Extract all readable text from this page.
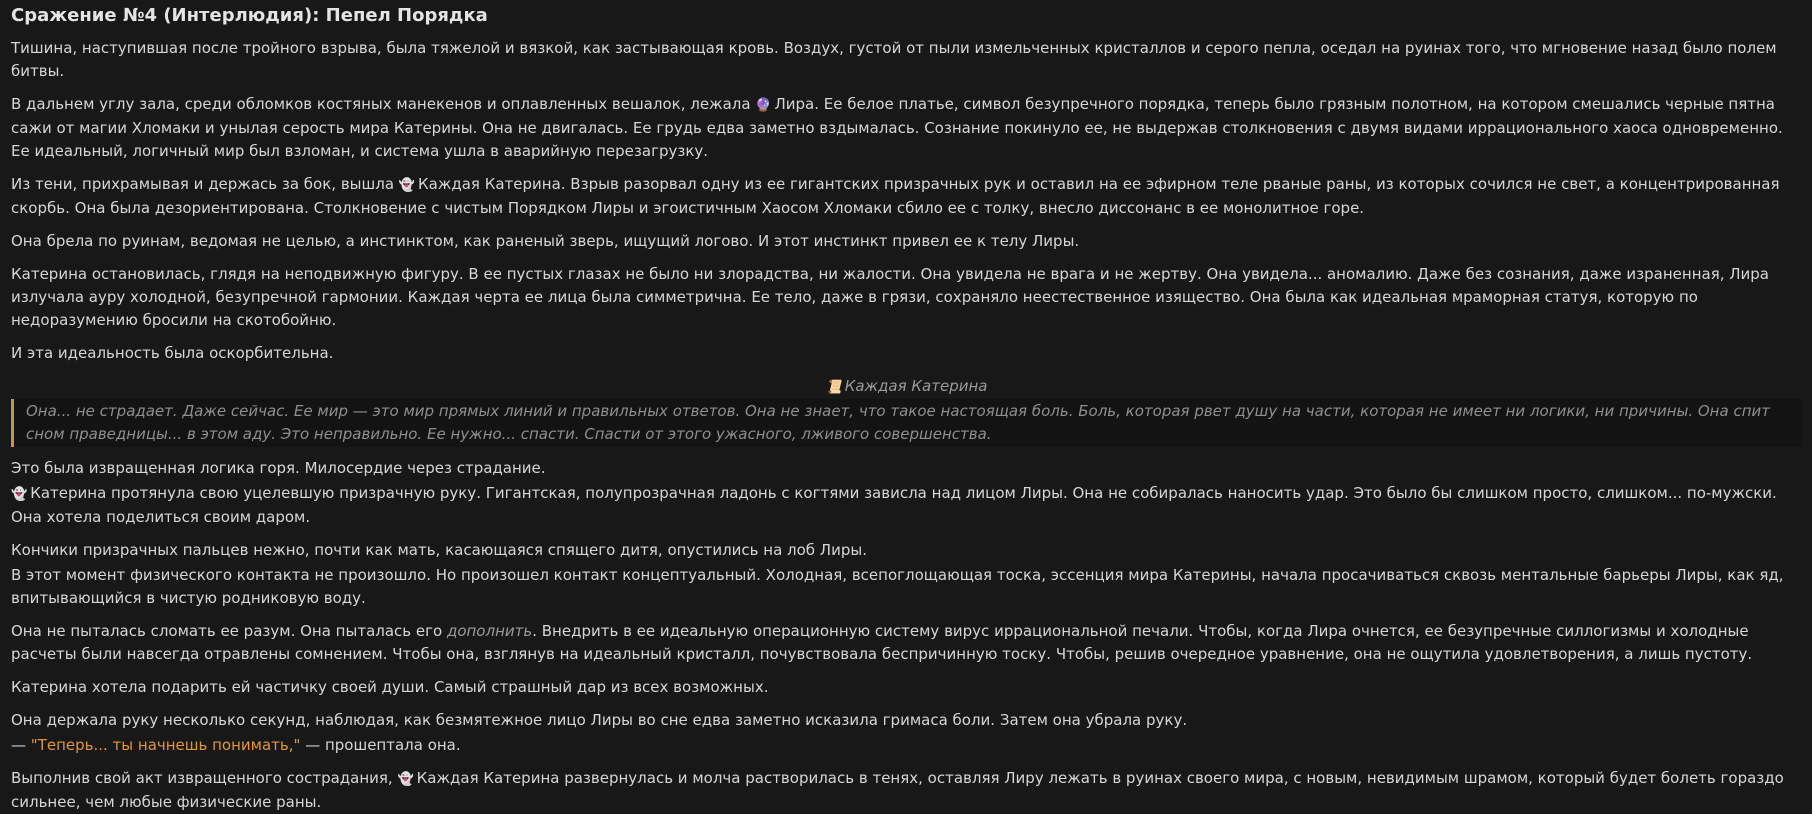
Сражение №4 (Интерлюдия): Пепел Порядка

Тишина, наступившая после тройного взрыва, была тяжелой и вязкой, как застывающая кровь. Воздух, густой от пыли измельченных кристаллов и серого пепла, оседал на руинах того, что мгновение назад было полем битвы.

В дальнем углу зала, среди обломков костяных манекенов и оплавленных вешалок, лежала 🔮 Лира. Ее белое платье, символ безупречного порядка, теперь было грязным полотном, на котором смешались черные пятна сажи от магии Хломаки и унылая серость мира Катерины. Она не двигалась. Ее грудь едва заметно вздымалась. Сознание покинуло ее, не выдержав столкновения с двумя видами иррационального хаоса одновременно. Ее идеальный, логичный мир был взломан, и система ушла в аварийную перезагрузку.

Из тени, прихрамывая и держась за бок, вышла 👻 Каждая Катерина. Взрыв разорвал одну из ее гигантских призрачных рук и оставил на ее эфирном теле рваные раны, из которых сочился не свет, а концентрированная скорбь. Она была дезориентирована. Столкновение с чистым Порядком Лиры и эгоистичным Хаосом Хломаки сбило ее с толку, внесло диссонанс в ее монолитное горе.

Она брела по руинам, ведомая не целью, а инстинктом, как раненый зверь, ищущий логово. И этот инстинкт привел ее к телу Лиры.

Катерина остановилась, глядя на неподвижную фигуру. В ее пустых глазах не было ни злорадства, ни жалости. Она увидела не врага и не жертву. Она увидела... аномалию. Даже без сознания, даже израненная, Лира излучала ауру холодной, безупречной гармонии. Каждая черта ее лица была симметрична. Ее тело, даже в грязи, сохраняло неестественное изящество. Она была как идеальная мраморная статуя, которую по недоразумению бросили на скотобойню.

И эта идеальность была оскорбительна.

📜 Каждая Катерина
Она... не страдает. Даже сейчас. Ее мир — это мир прямых линий и правильных ответов. Она не знает, что такое настоящая боль. Боль, которая рвет душу на части, которая не имеет ни логики, ни причины. Она спит сном праведницы... в этом аду. Это неправильно. Ее нужно... спасти. Спасти от этого ужасного, лживого совершенства.

Это была извращенная логика горя. Милосердие через страдание.

👻 Катерина протянула свою уцелевшую призрачную руку. Гигантская, полупрозрачная ладонь с когтями зависла над лицом Лиры. Она не собиралась наносить удар. Это было бы слишком просто, слишком... по-мужски. Она хотела поделиться своим даром.

Кончики призрачных пальцев нежно, почти как мать, касающаяся спящего дитя, опустились на лоб Лиры.

В этот момент физического контакта не произошло. Но произошел контакт концептуальный. Холодная, всепоглощающая тоска, эссенция мира Катерины, начала просачиваться сквозь ментальные барьеры Лиры, как яд, впитывающийся в чистую родниковую воду.

Она не пыталась сломать ее разум. Она пыталась его дополнить. Внедрить в ее идеальную операционную систему вирус иррациональной печали. Чтобы, когда Лира очнется, ее безупречные силлогизмы и холодные расчеты были навсегда отравлены сомнением. Чтобы она, взглянув на идеальный кристалл, почувствовала беспричинную тоску. Чтобы, решив очередное уравнение, она не ощутила удовлетворения, а лишь пустоту.

Катерина хотела подарить ей частичку своей души. Самый страшный дар из всех возможных.

Она держала руку несколько секунд, наблюдая, как безмятежное лицо Лиры во сне едва заметно исказила гримаса боли. Затем она убрала руку.

— "Теперь... ты начнешь понимать," — прошептала она.

Выполнив свой акт извращенного сострадания, 👻 Каждая Катерина развернулась и молча растворилась в тенях, оставляя Лиру лежать в руинах своего мира, с новым, невидимым шрамом, который будет болеть гораздо сильнее, чем любые физические раны.
